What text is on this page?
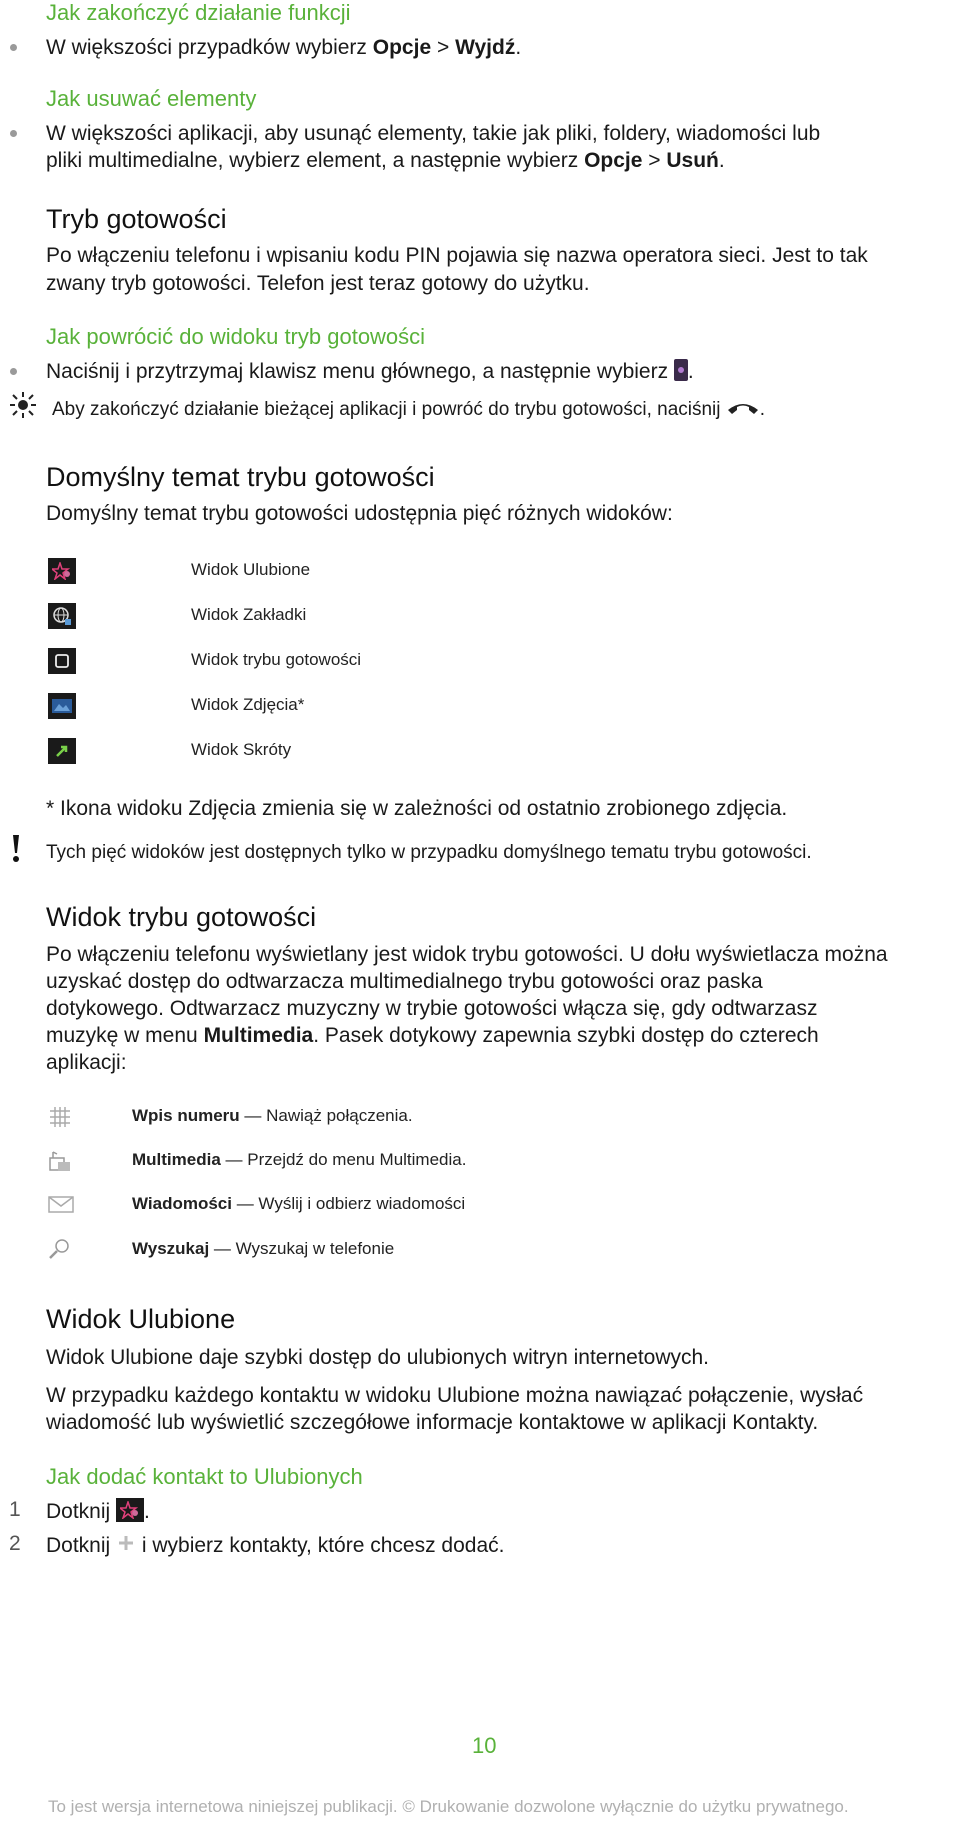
Jak zakończyć działanie funkcji
W większości przypadków wybierz Opcje > Wyjdź.
Jak usuwać elementy
W większości aplikacji, aby usunąć elementy, takie jak pliki, foldery, wiadomości lub
pliki multimedialne, wybierz element, a następnie wybierz Opcje > Usuń.
Tryb gotowości
Po włączeniu telefonu i wpisaniu kodu PIN pojawia się nazwa operatora sieci. Jest to tak
zwany tryb gotowości. Telefon jest teraz gotowy do użytku.
Jak powrócić do widoku tryb gotowości
Naciśnij i przytrzymaj klawisz menu głównego, a następnie wybierz
.
Aby zakończyć działanie bieżącej aplikacji i powróć do trybu gotowości, naciśnij .
Domyślny temat trybu gotowości
Domyślny temat trybu gotowości udostępnia pięć różnych widoków:
Widok Ulubione
Widok Zakładki
Widok trybu gotowości
Widok Zdjęcia*
Widok Skróty
* Ikona widoku Zdjęcia zmienia się w zależności od ostatnio zrobionego zdjęcia.
Tych pięć widoków jest dostępnych tylko w przypadku domyślnego tematu trybu gotowości.
Widok trybu gotowości
Po włączeniu telefonu wyświetlany jest widok trybu gotowości. U dołu wyświetlacza można
uzyskać dostęp do odtwarzacza multimedialnego trybu gotowości oraz paska
dotykowego. Odtwarzacz muzyczny w trybie gotowości włącza się, gdy odtwarzasz
muzykę w menu Multimedia. Pasek dotykowy zapewnia szybki dostęp do czterech
aplikacji:
Wpis numeru — Nawiąż połączenia.
Multimedia — Przejdź do menu Multimedia.
Wiadomości — Wyślij i odbierz wiadomości
Wyszukaj — Wyszukaj w telefonie
Widok Ulubione
Widok Ulubione daje szybki dostęp do ulubionych witryn internetowych.
W przypadku każdego kontaktu w widoku Ulubione można nawiązać połączenie, wysłać
wiadomość lub wyświetlić szczegółowe informacje kontaktowe w aplikacji Kontakty.
Jak dodać kontakt to Ulubionych
1 Dotknij .
2 Dotknij  i wybierz kontakty, które chcesz dodać.
10
To jest wersja internetowa niniejszej publikacji. © Drukowanie dozwolone wyłącznie do użytku prywatnego.
